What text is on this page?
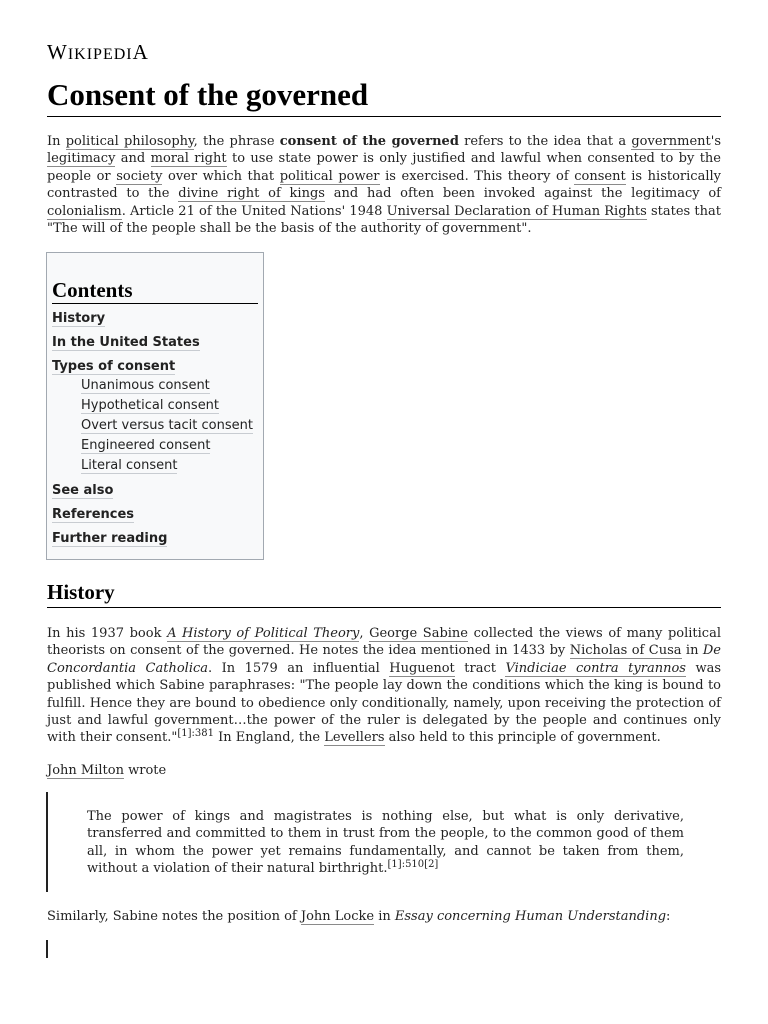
WIKIPEDIA
Consent of the governed

In political philosophy, the phrase consent of the governed refers to the idea that a government's legitimacy and moral right to use state power is only justified and lawful when consented to by the people or society over which that political power is exercised. This theory of consent is historically contrasted to the divine right of kings and had often been invoked against the legitimacy of colonialism. Article 21 of the United Nations' 1948 Universal Declaration of Human Rights states that "The will of the people shall be the basis of the authority of government".

Contents
History
In the United States
Types of consent
Unanimous consent
Hypothetical consent
Overt versus tacit consent
Engineered consent
Literal consent
See also
References
Further reading
History

In his 1937 book A History of Political Theory, George Sabine collected the views of many political theorists on consent of the governed. He notes the idea mentioned in 1433 by Nicholas of Cusa in De Concordantia Catholica. In 1579 an influential Huguenot tract Vindiciae contra tyrannos was published which Sabine paraphrases: "The people lay down the conditions which the king is bound to fulfill. Hence they are bound to obedience only conditionally, namely, upon receiving the protection of just and lawful government…the power of the ruler is delegated by the people and continues only with their consent."$^{[1]:381}$ In England, the Levellers also held to this principle of government.

John Milton wrote

The power of kings and magistrates is nothing else, but what is only derivative, transferred and committed to them in trust from the people, to the common good of them all, in whom the power yet remains fundamentally, and cannot be taken from them, without a violation of their natural birthright.[1]:510[2]

Similarly, Sabine notes the position of John Locke in Essay concerning Human Understanding:
